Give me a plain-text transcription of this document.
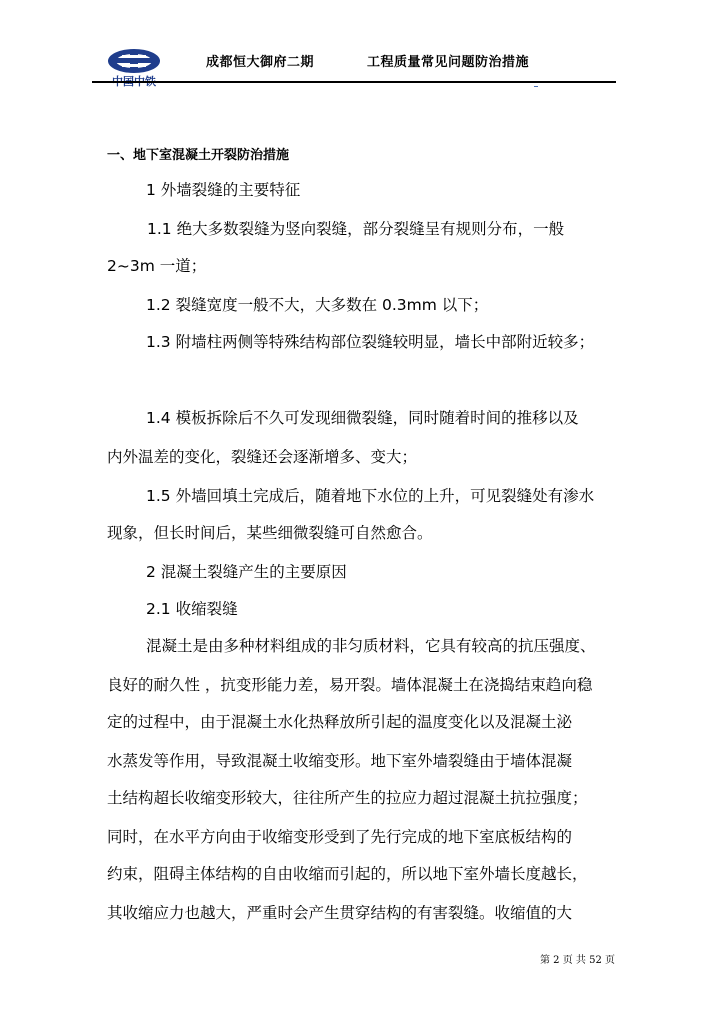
中国中铁
成都恒大御府二期	工程质量常见问题防治措施
一、地下室混凝土开裂防治措施
1 外墙裂缝的主要特征
1.1 绝大多数裂缝为竖向裂缝，部分裂缝呈有规则分布，一般
2~3m 一道；
1.2 裂缝宽度一般不大，大多数在 0.3mm 以下；
1.3 附墙柱两侧等特殊结构部位裂缝较明显，墙长中部附近较多；
1.4 模板拆除后不久可发现细微裂缝，同时随着时间的推移以及
内外温差的变化，裂缝还会逐渐增多、变大；
1.5 外墙回填土完成后，随着地下水位的上升，可见裂缝处有渗水
现象，但长时间后，某些细微裂缝可自然愈合。
2 混凝土裂缝产生的主要原因
2.1 收缩裂缝
混凝土是由多种材料组成的非匀质材料，它具有较高的抗压强度、
良好的耐久性 ，抗变形能力差，易开裂。墙体混凝土在浇捣结束趋向稳
定的过程中，由于混凝土水化热释放所引起的温度变化以及混凝土泌
水蒸发等作用，导致混凝土收缩变形。地下室外墙裂缝由于墙体混凝
土结构超长收缩变形较大，往往所产生的拉应力超过混凝土抗拉强度；
同时，在水平方向由于收缩变形受到了先行完成的地下室底板结构的
约束，阻碍主体结构的自由收缩而引起的，所以地下室外墙长度越长，
其收缩应力也越大，严重时会产生贯穿结构的有害裂缝。收缩值的大
第 2 页 共 52 页
